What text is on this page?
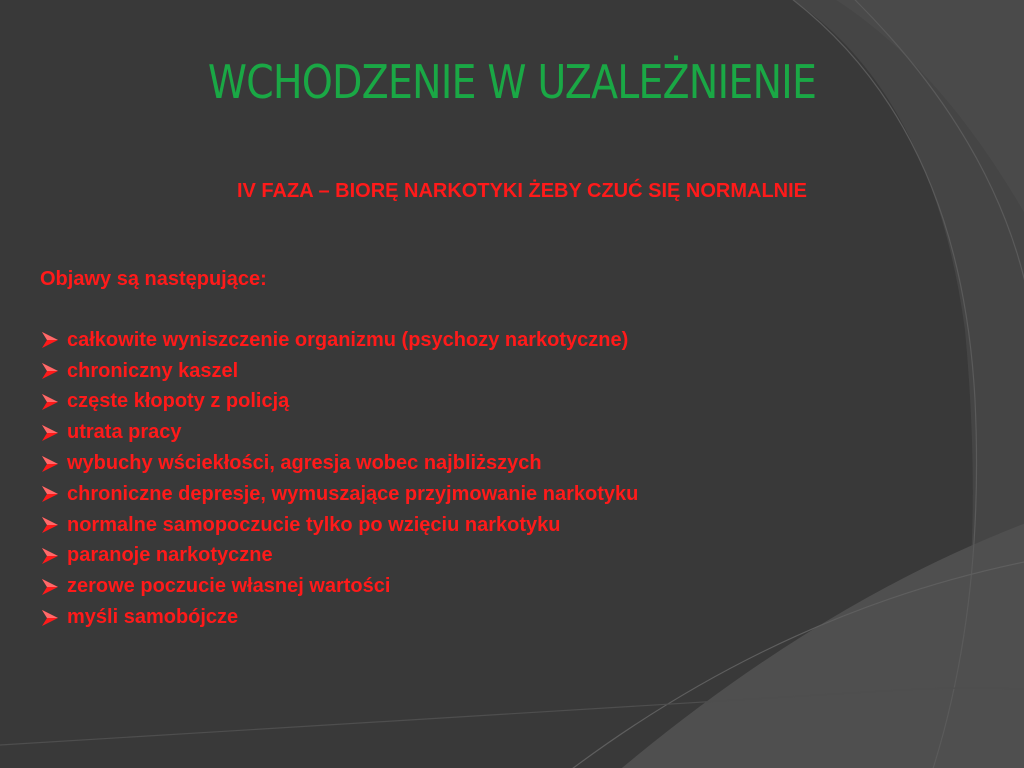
WCHODZENIE W UZALEŻNIENIE
IV FAZA – BIORĘ NARKOTYKI ŻEBY CZUĆ SIĘ NORMALNIE

Objawy są następujące:

całkowite wyniszczenie organizmu (psychozy narkotyczne)
chroniczny kaszel
częste kłopoty z policją
utrata pracy
wybuchy wściekłości, agresja wobec najbliższych
chroniczne depresje, wymuszające przyjmowanie narkotyku
normalne samopoczucie tylko po wzięciu narkotyku
paranoje narkotyczne
zerowe poczucie własnej wartości
myśli samobójcze
